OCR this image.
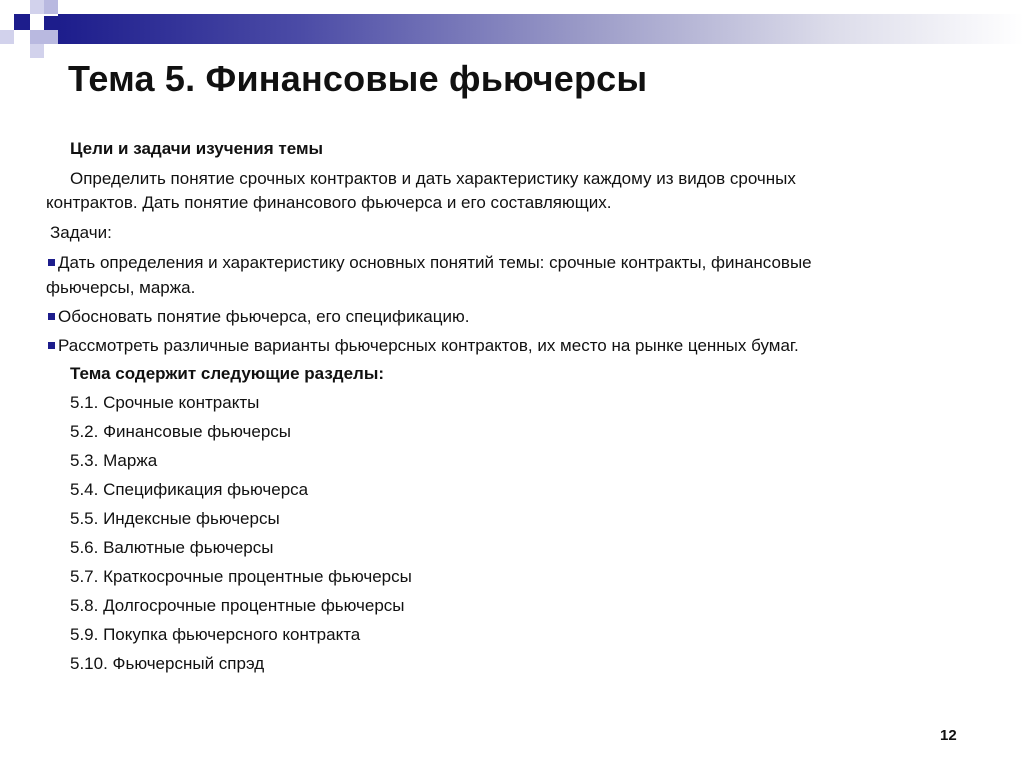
Тема 5. Финансовые фьючерсы
Цели и задачи изучения темы
Определить понятие срочных контрактов и дать характеристику каждому из видов срочных
контрактов. Дать понятие финансового фьючерса и его составляющих.
Задачи:
Дать определения и характеристику основных понятий темы: срочные контракты, финансовые
фьючерсы, маржа.
Обосновать понятие фьючерса, его спецификацию.
Рассмотреть различные варианты фьючерсных контрактов, их место на рынке ценных бумаг.
Тема содержит следующие разделы:
5.1. Срочные контракты
5.2. Финансовые фьючерсы
5.3. Маржа
5.4. Спецификация фьючерса
5.5. Индексные фьючерсы
5.6. Валютные фьючерсы
5.7. Краткосрочные процентные фьючерсы
5.8. Долгосрочные процентные фьючерсы
5.9. Покупка фьючерсного контракта
5.10. Фьючерсный спрэд
12
